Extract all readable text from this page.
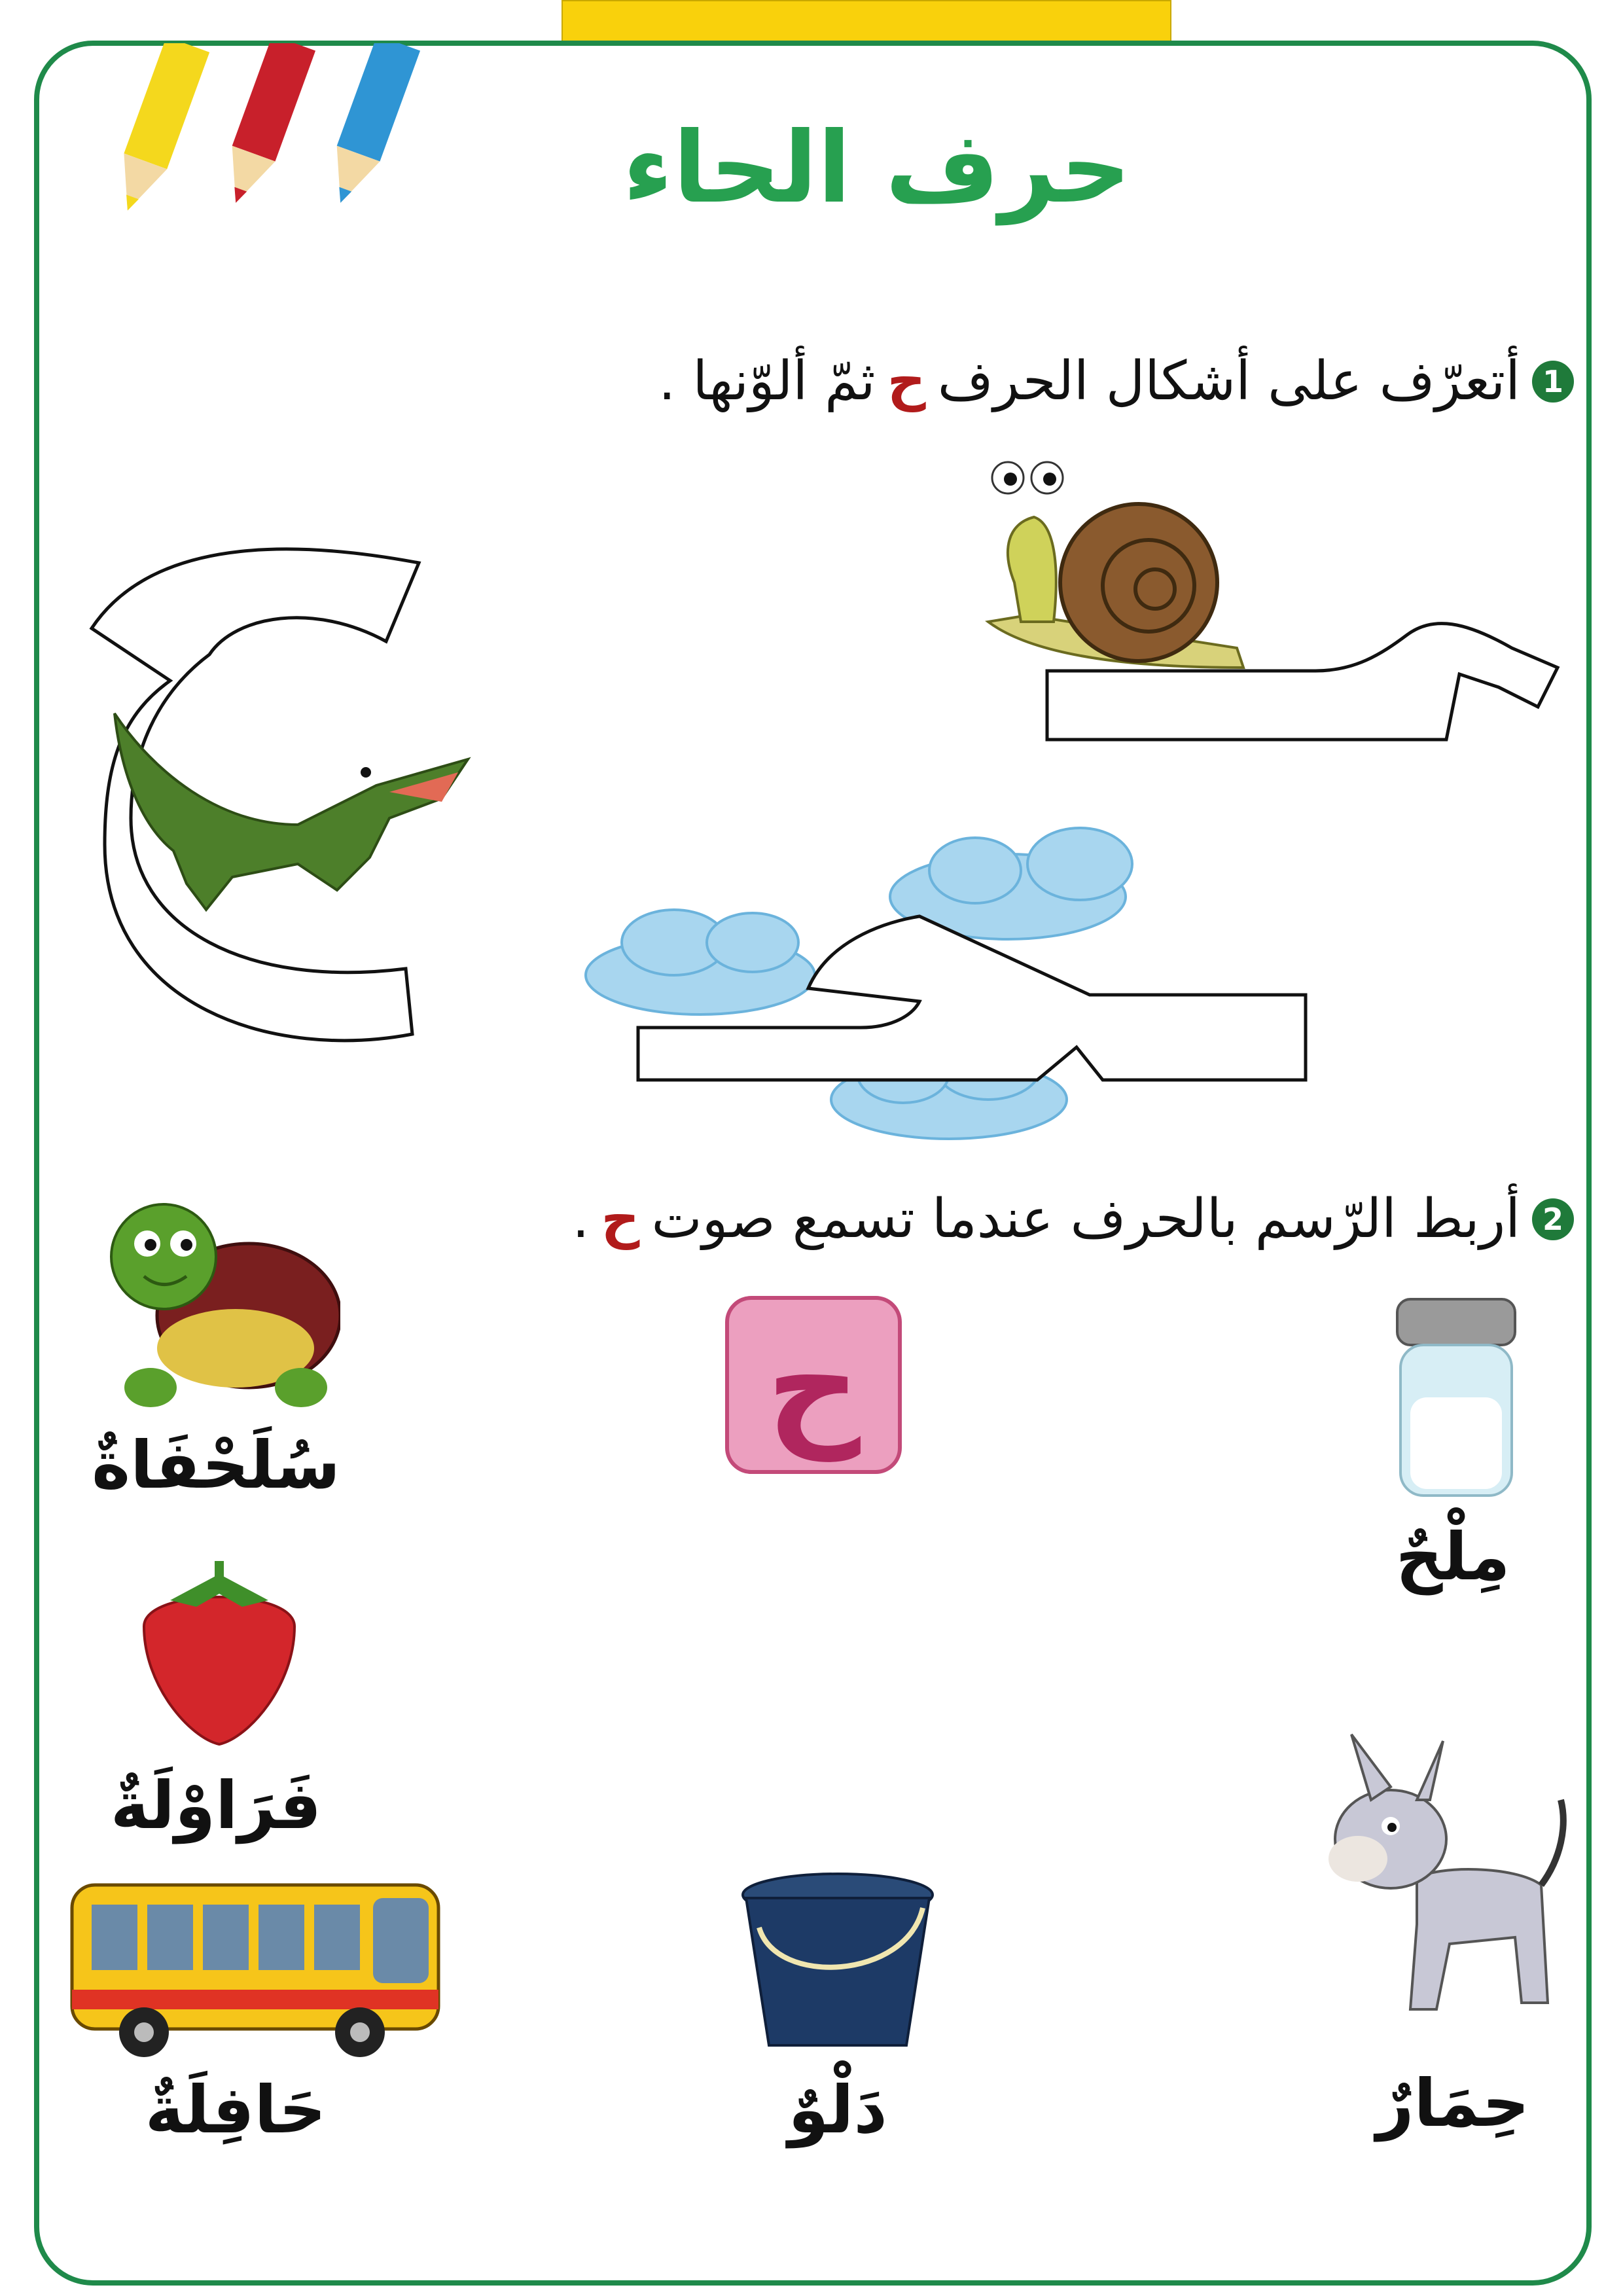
حرف الحاء
1
أتعرّف على أشكال الحرف
ح
ثمّ ألوّنها .
2
أربط الرّسم بالحرف عندما تسمع صوت
ح
.
ح
سُلَحْفَاةٌ
مِلْحٌ
فَرَاوْلَةٌ
حِمَارٌ
دَلْوٌ
حَافِلَةٌ
